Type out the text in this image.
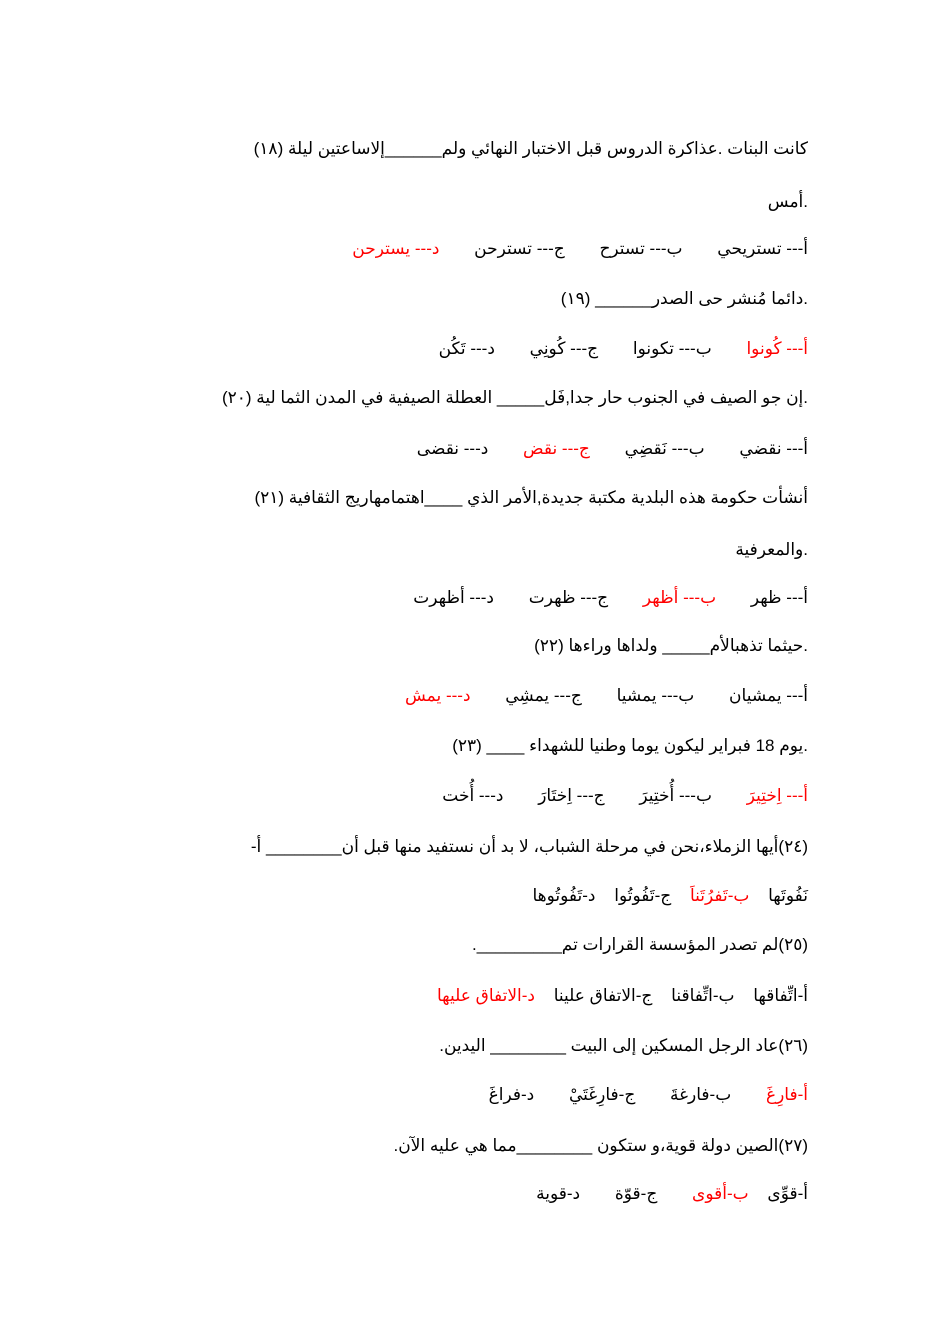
كانت البنات .عذاكرة الدروس قبل الاختبار النهائي ولم______إلاساعتين ليلة (١٨)
.أمس
أ--- تستريحي ب--- تسترح ج--- تسترحن د--- يسترحن
.دائما مُنشر حى الصدر______ (١٩)
أ--- كُونوا ب--- تكونوا ج--- كُونِي د--- تَكُن
.إن جو الصيف في الجنوب حار جدا,فَل_____ العطلة الصيفية في المدن الثما لية (٢٠)
أ--- نقضي ب--- نَقضِي ج--- نقض د--- نقضى
أنشأت حكومة هذه البلدية مكتبة جديدة,الأمر الذي ____اهتمامهاريج الثقافية (٢١)
.والمعرفية
أ--- ظهر ب--- أظهر ج--- ظهرت د--- أظهرت
.حيثما تذهبالأم_____ ولداها وراءها (٢٢)
أ--- يمشيان ب--- يمشيا ج--- يمشِي د--- يمش
.يوم 18 فبراير ليكون يوما وطنيا للشهداء ____ (٢٣)
أ--- اِختِيرَ ب--- أُختِيرَ ج--- اِختَارَ د--- أُخت
(٢٤)أيها الزملاء،نحن في مرحلة الشباب، لا بد أن نستفيد منها قبل أن________ أ-
نَفُوتَها ب-تَفرُتَناَ ج-تَفُوتُوا د-تَفُوتُوها
(٢٥)لم تصدر المؤسسة القرارات تم_________.
أ-اتِّفاقها ب-اتِّفاقنا ج-الاتفاق علينا د-الاتفاق عليها
(٢٦)عاد الرجل المسكين إلى البيت ________ اليدين.
أ-فارِغَ ب-فارغةَ ج-فارِغَتَيْ د-فراغَ
(٢٧)الصين دولة قوية،و ستكون ________مما هي عليه الآن.
أ-قوِّى ب-أقوى ج-قوّة د-قوية
